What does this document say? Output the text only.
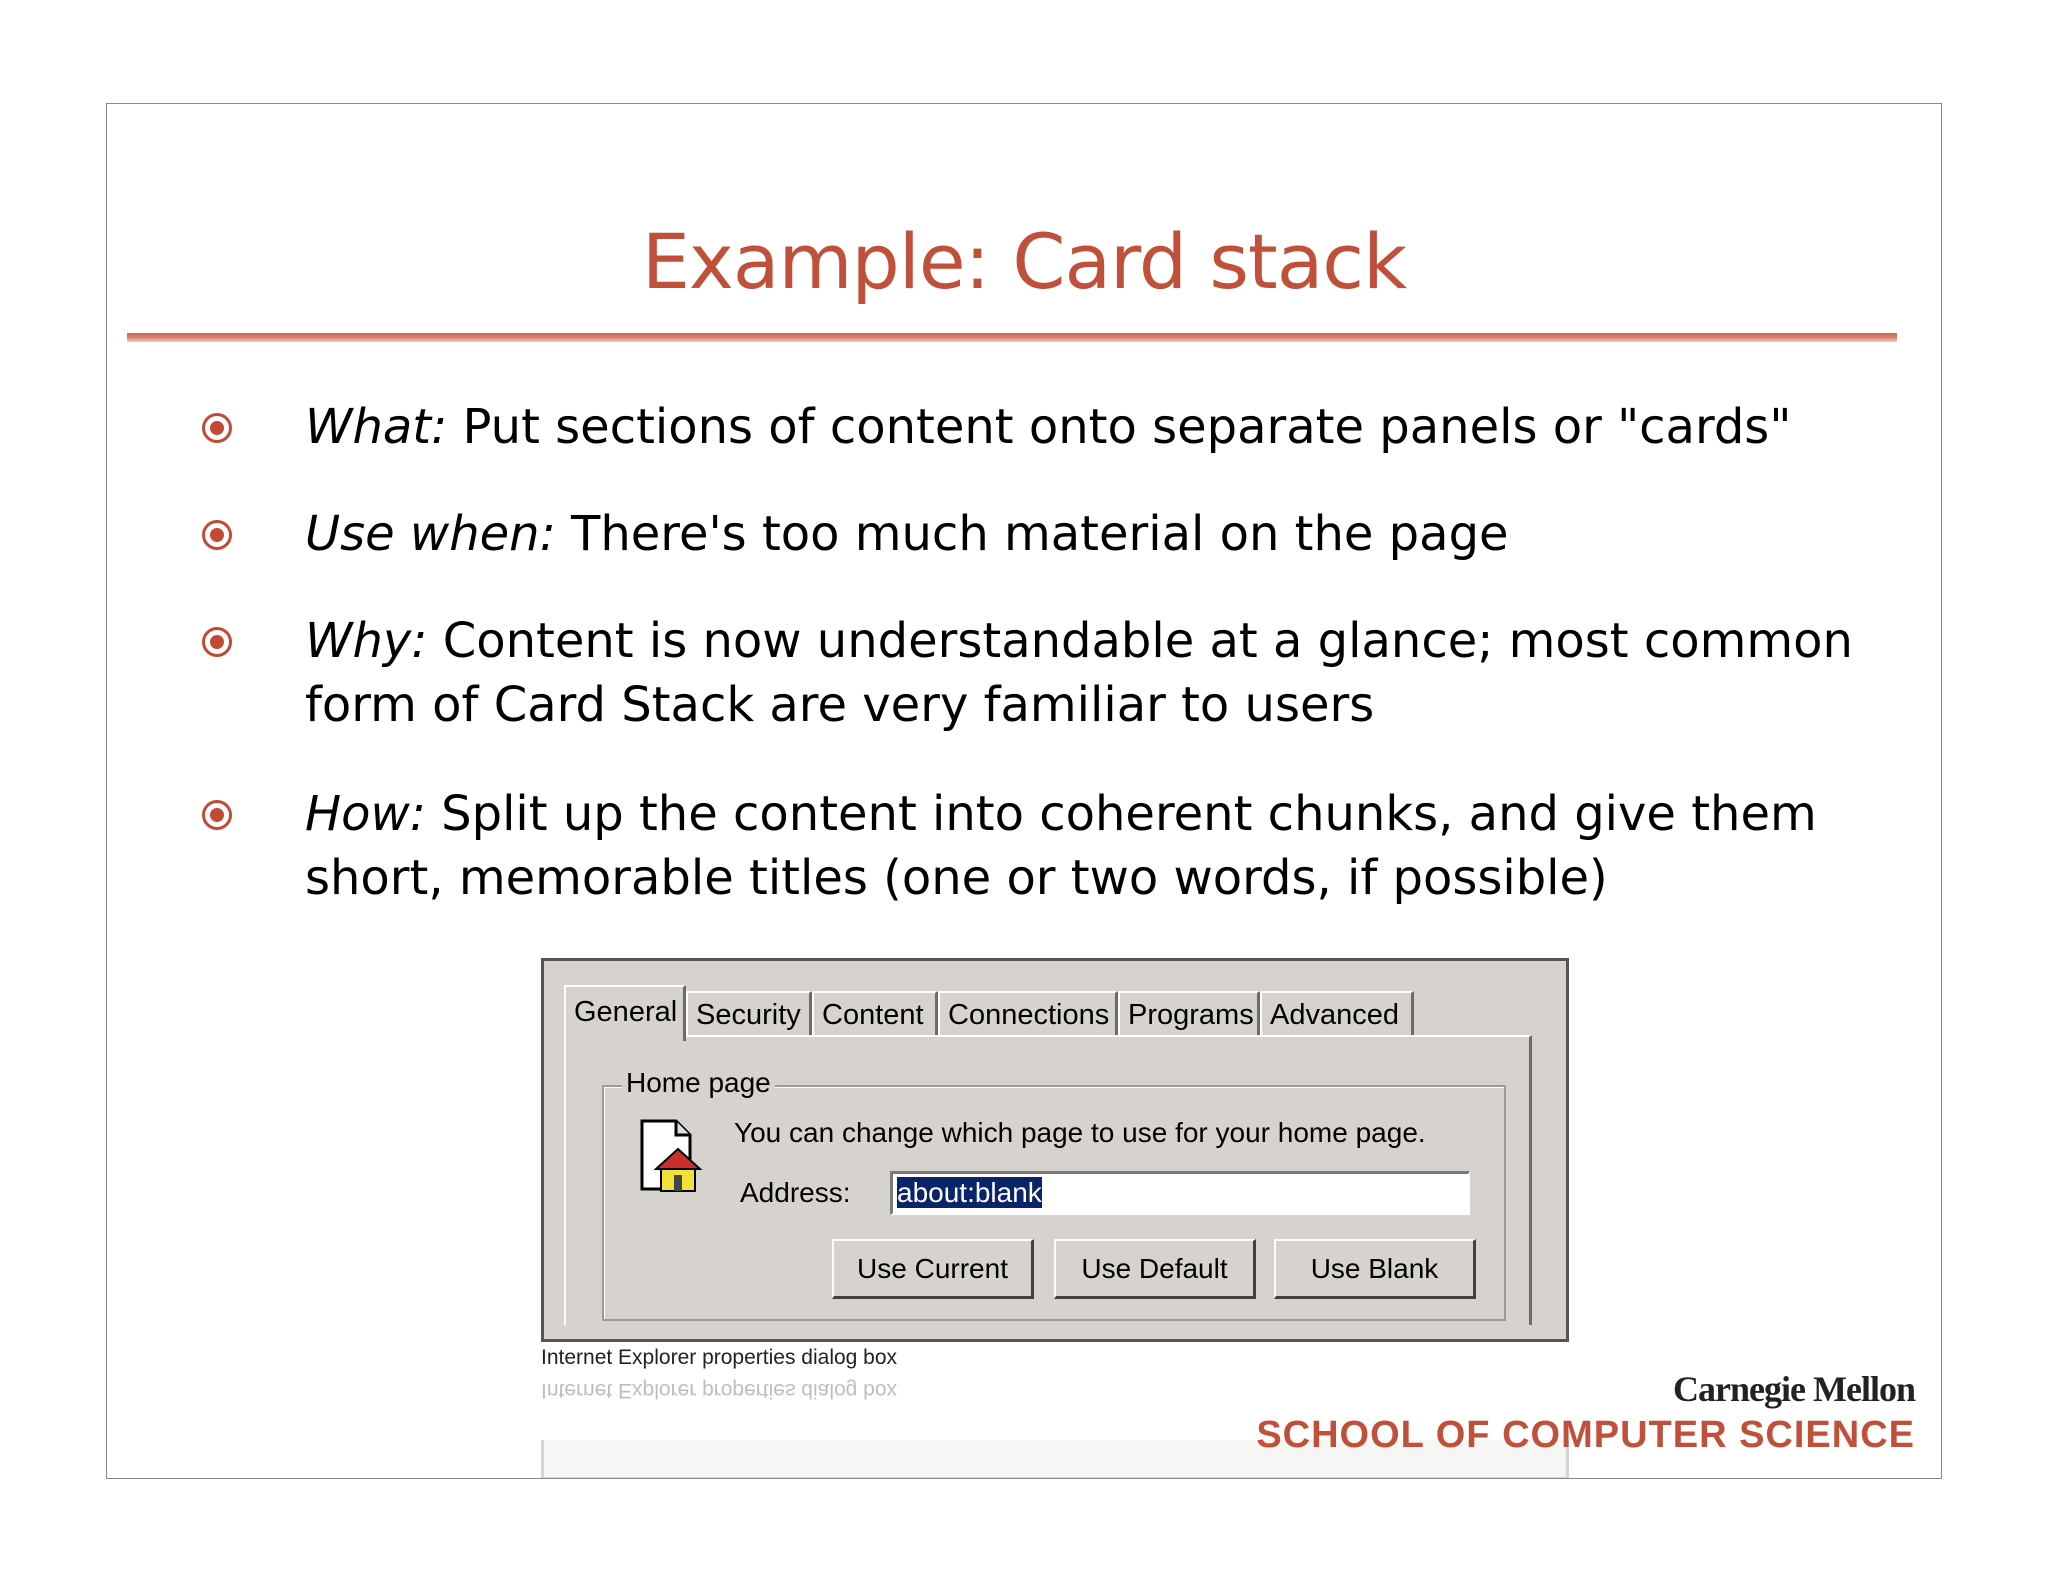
Example: Card stack
What: Put sections of content onto separate panels or "cards"
Use when: There's too much material on the page
Why: Content is now understandable at a glance; most common form of Card Stack are very familiar to users
How: Split up the content into coherent chunks, and give them short, memorable titles (one or two words, if possible)
General Security Content Connections Programs Advanced
Home page
You can change which page to use for your home page.
Address: about:blank
Use Current	Use Default	Use Blank
Internet Explorer properties dialog box
Internet Explorer properties dialog box	Carnegie Mellon
SCHOOL OF COMPUTER SCIENCE
